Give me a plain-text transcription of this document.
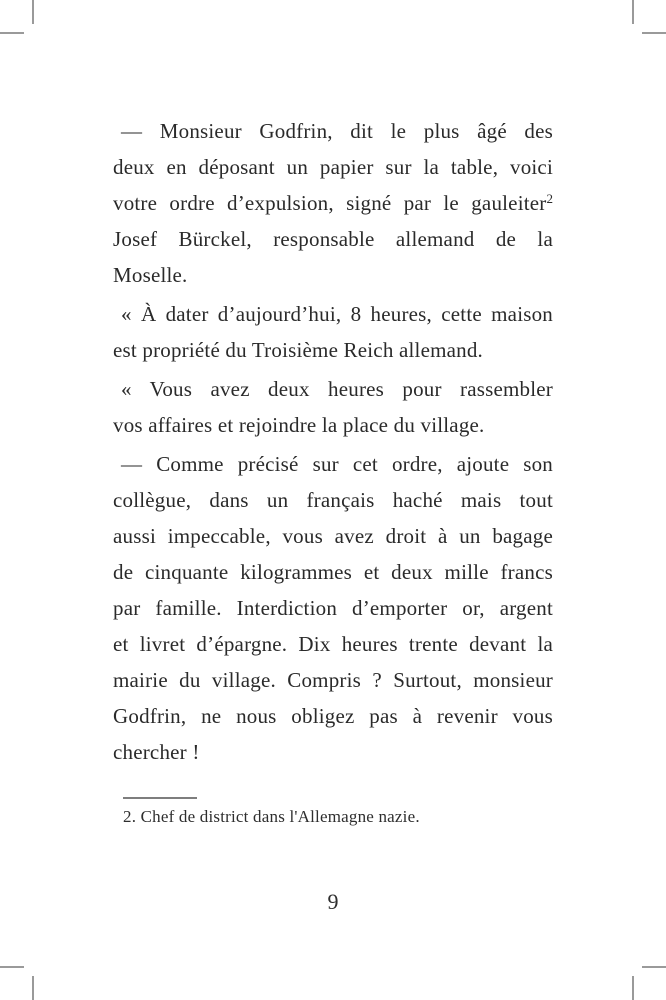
— Monsieur Godfrin, dit le plus âgé des
deux en déposant un papier sur la table, voici
votre ordre d’expulsion, signé par le gauleiter$^2$
Josef Bürckel, responsable allemand de la
Moselle.
« À dater d’aujourd’hui, 8 heures, cette maison
est propriété du Troisième Reich allemand.
« Vous avez deux heures pour rassembler
vos affaires et rejoindre la place du village.
— Comme précisé sur cet ordre, ajoute son
collègue, dans un français haché mais tout
aussi impeccable, vous avez droit à un bagage
de cinquante kilogrammes et deux mille francs
par famille. Interdiction d’emporter or, argent
et livret d’épargne. Dix heures trente devant la
mairie du village. Compris ? Surtout, monsieur
Godfrin, ne nous obligez pas à revenir vous
chercher !
2. Chef de district dans l'Allemagne nazie.
9
